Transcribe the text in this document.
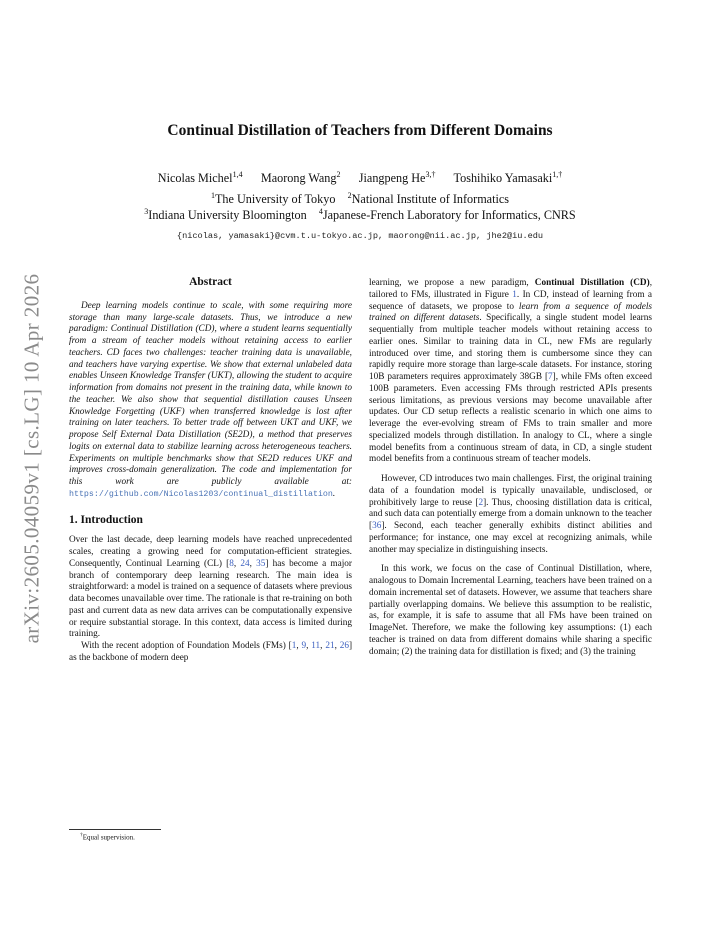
arXiv:2605.04059v1 [cs.LG] 10 Apr 2026
Continual Distillation of Teachers from Different Domains
Nicolas Michel$^{1,4}$ Maorong Wang$^2$ Jiangpeng $He^{3,\dagger}$ Toshihiko Yamasaki$^{1,\dagger}$
$^1$The University of Tokyo $^2$National Institute of Informatics
$^3$Indiana University Bloomington $^4$Japanese-French Laboratory for Informatics, CNRS
{nicolas, yamasaki}@cvm.t.u-tokyo.ac.jp, maorong@nii.ac.jp, jhe2@iu.edu
Abstract

Deep learning models continue to scale, with some requiring more storage than many large-scale datasets. Thus, we introduce a new paradigm: Continual Distillation (CD), where a student learns sequentially from a stream of teacher models without retaining access to earlier teachers. CD faces two challenges: teacher training data is unavailable, and teachers have varying expertise. We show that external unlabeled data enables Unseen Knowledge Transfer (UKT), allowing the student to acquire information from domains not present in the training data, while known to the teacher. We also show that sequential distillation causes Unseen Knowledge Forgetting (UKF) when transferred knowledge is lost after training on later teachers. To better trade off between UKT and UKF, we propose Self External Data Distillation (SE2D), a method that preserves logits on external data to stabilize learning across heterogeneous teachers. Experiments on multiple benchmarks show that SE2D reduces UKF and improves cross-domain generalization. The code and implementation for this work are publicly available at: https://github.com/Nicolas1203/continual_distillation.

1. Introduction

Over the last decade, deep learning models have reached unprecedented scales, creating a growing need for computation-efficient strategies. Consequently, Continual Learning (CL) [8, 24, 35] has become a major branch of contemporary deep learning research. The main idea is straightforward: a model is trained on a sequence of datasets where previous data becomes unavailable over time. The rationale is that re-training on both past and current data as new data arrives can be computationally expensive or require substantial storage. In this context, data access is limited during training.

With the recent adoption of Foundation Models (FMs) [1, 9, 11, 21, 26] as the backbone of modern deep

learning, we propose a new paradigm, Continual Distillation (CD), tailored to FMs, illustrated in Figure 1. In CD, instead of learning from a sequence of datasets, we propose to learn from a sequence of models trained on different datasets. Specifically, a single student model learns sequentially from multiple teacher models without retaining access to earlier ones. Similar to training data in CL, new FMs are regularly introduced over time, and storing them is cumbersome since they can rapidly require more storage than large-scale datasets. For instance, storing 10B parameters requires approximately 38GB [7], while FMs often exceed 100B parameters. Even accessing FMs through restricted APIs presents serious limitations, as previous versions may become unavailable after updates. Our CD setup reflects a realistic scenario in which one aims to leverage the ever-evolving stream of FMs to train smaller and more specialized models through distillation. In analogy to CL, where a single model benefits from a continuous stream of data, in CD, a single student model benefits from a continuous stream of teacher models.

However, CD introduces two main challenges. First, the original training data of a foundation model is typically unavailable, undisclosed, or prohibitively large to reuse [2]. Thus, choosing distillation data is critical, and such data can potentially emerge from a domain unknown to the teacher [36]. Second, each teacher generally exhibits distinct abilities and performance; for instance, one may excel at recognizing animals, while another may specialize in distinguishing insects.

In this work, we focus on the case of Continual Distillation, where, analogous to Domain Incremental Learning, teachers have been trained on a domain incremental set of datasets. However, we assume that teachers share partially overlapping domains. We believe this assumption to be realistic, as, for example, it is safe to assume that all FMs have been trained on ImageNet. Therefore, we make the following key assumptions: (1) each teacher is trained on data from different domains while sharing a specific domain; (2) the training data for distillation is fixed; and (3) the training

†Equal supervision.
